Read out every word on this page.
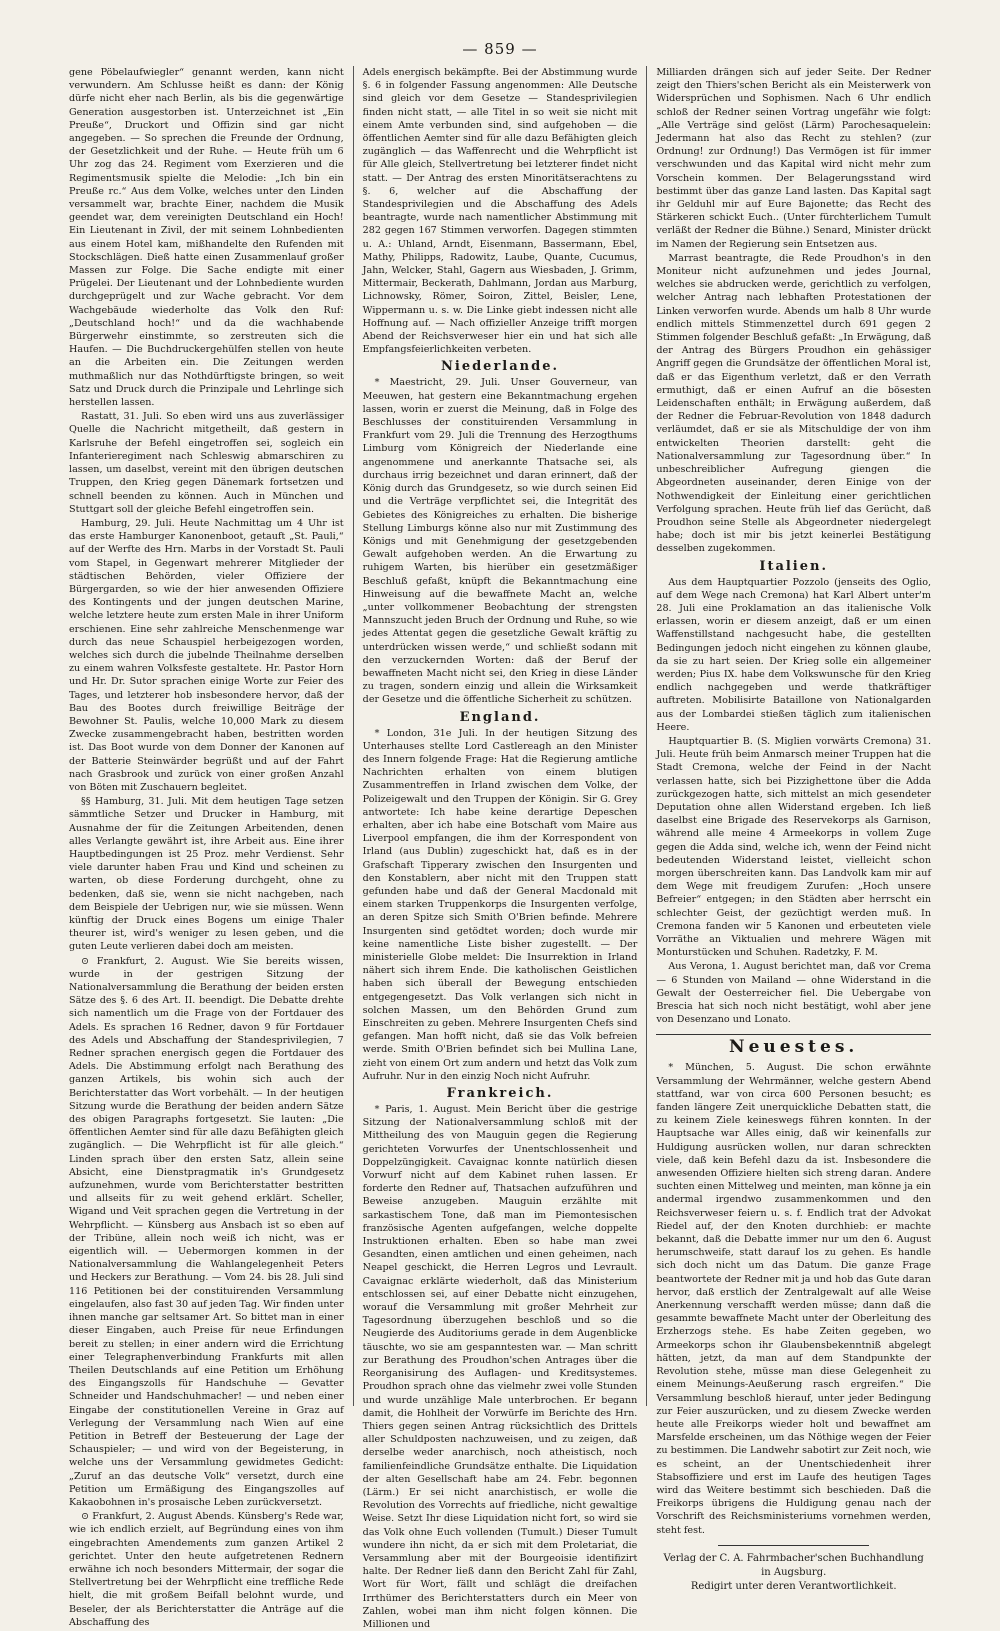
— 859 —

gene Pöbelaufwiegler“ genannt werden, kann nicht verwundern. Am Schlusse heißt es dann: der König dürfe nicht eher nach Berlin, als bis die gegenwärtige Generation ausgestorben ist. Unterzeichnet ist „Ein Preuße“, Druckort und Offizin sind gar nicht angegeben. — So sprechen die Freunde der Ordnung, der Gesetzlichkeit und der Ruhe. — Heute früh um 6 Uhr zog das 24. Regiment vom Exerzieren und die Regimentsmusik spielte die Melodie: „Ich bin ein Preuße rc.“ Aus dem Volke, welches unter den Linden versammelt war, brachte Einer, nachdem die Musik geendet war, dem vereinigten Deutschland ein Hoch! Ein Lieutenant in Zivil, der mit seinem Lohnbedienten aus einem Hotel kam, mißhandelte den Rufenden mit Stockschlägen. Dieß hatte einen Zusammenlauf großer Massen zur Folge. Die Sache endigte mit einer Prügelei. Der Lieutenant und der Lohnbediente wurden durchgeprügelt und zur Wache gebracht. Vor dem Wachgebäude wiederholte das Volk den Ruf: „Deutschland hoch!“ und da die wachhabende Bürgerwehr einstimmte, so zerstreuten sich die Haufen. — Die Buchdruckergehülfen stellen von heute an die Arbeiten ein. Die Zeitungen werden muthmaßlich nur das Nothdürftigste bringen, so weit Satz und Druck durch die Prinzipale und Lehrlinge sich herstellen lassen.

Rastatt, 31. Juli. So eben wird uns aus zuverlässiger Quelle die Nachricht mitgetheilt, daß gestern in Karlsruhe der Befehl eingetroffen sei, sogleich ein Infanterieregiment nach Schleswig abmarschiren zu lassen, um daselbst, vereint mit den übrigen deutschen Truppen, den Krieg gegen Dänemark fortsetzen und schnell beenden zu können. Auch in München und Stuttgart soll der gleiche Befehl eingetroffen sein.

Hamburg, 29. Juli. Heute Nachmittag um 4 Uhr ist das erste Hamburger Kanonenboot, getauft „St. Pauli,“ auf der Werfte des Hrn. Marbs in der Vorstadt St. Pauli vom Stapel, in Gegenwart mehrerer Mitglieder der städtischen Behörden, vieler Offiziere der Bürgergarden, so wie der hier anwesenden Offiziere des Kontingents und der jungen deutschen Marine, welche letztere heute zum ersten Male in ihrer Uniform erschienen. Eine sehr zahlreiche Menschenmenge war durch das neue Schauspiel herbeigezogen worden, welches sich durch die jubelnde Theilnahme derselben zu einem wahren Volksfeste gestaltete. Hr. Pastor Horn und Hr. Dr. Sutor sprachen einige Worte zur Feier des Tages, und letzterer hob insbesondere hervor, daß der Bau des Bootes durch freiwillige Beiträge der Bewohner St. Paulis, welche 10,000 Mark zu diesem Zwecke zusammengebracht haben, bestritten worden ist. Das Boot wurde von dem Donner der Kanonen auf der Batterie Steinwärder begrüßt und auf der Fahrt nach Grasbrook und zurück von einer großen Anzahl von Böten mit Zuschauern begleitet.

§§ Hamburg, 31. Juli. Mit dem heutigen Tage setzen sämmtliche Setzer und Drucker in Hamburg, mit Ausnahme der für die Zeitungen Arbeitenden, denen alles Verlangte gewährt ist, ihre Arbeit aus. Eine ihrer Hauptbedingungen ist 25 Proz. mehr Verdienst. Sehr viele darunter haben Frau und Kind und scheinen zu warten, ob diese Forderung durchgeht, ohne zu bedenken, daß sie, wenn sie nicht nachgeben, nach dem Beispiele der Uebrigen nur, wie sie müssen. Wenn künftig der Druck eines Bogens um einige Thaler theurer ist, wird's weniger zu lesen geben, und die guten Leute verlieren dabei doch am meisten.

⊙ Frankfurt, 2. August. Wie Sie bereits wissen, wurde in der gestrigen Sitzung der Nationalversammlung die Berathung der beiden ersten Sätze des §. 6 des Art. II. beendigt. Die Debatte drehte sich namentlich um die Frage von der Fortdauer des Adels. Es sprachen 16 Redner, davon 9 für Fortdauer des Adels und Abschaffung der Standesprivilegien, 7 Redner sprachen energisch gegen die Fortdauer des Adels. Die Abstimmung erfolgt nach Berathung des ganzen Artikels, bis wohin sich auch der Berichterstatter das Wort vorbehält. — In der heutigen Sitzung wurde die Berathung der beiden andern Sätze des obigen Paragraphs fortgesetzt. Sie lauten: „Die öffentlichen Aemter sind für alle dazu Befähigten gleich zugänglich. — Die Wehrpflicht ist für alle gleich.“ Linden sprach über den ersten Satz, allein seine Absicht, eine Dienstpragmatik in's Grundgesetz aufzunehmen, wurde vom Berichterstatter bestritten und allseits für zu weit gehend erklärt. Scheller, Wigand und Veit sprachen gegen die Vertretung in der Wehrpflicht. — Künsberg aus Ansbach ist so eben auf der Tribüne, allein noch weiß ich nicht, was er eigentlich will. — Uebermorgen kommen in der Nationalversammlung die Wahlangelegenheit Peters und Heckers zur Berathung. — Vom 24. bis 28. Juli sind 116 Petitionen bei der constituirenden Versammlung eingelaufen, also fast 30 auf jeden Tag. Wir finden unter ihnen manche gar seltsamer Art. So bittet man in einer dieser Eingaben, auch Preise für neue Erfindungen bereit zu stellen; in einer andern wird die Errichtung einer Telegraphenverbindung Frankfurts mit allen Theilen Deutschlands auf eine Petition um Erhöhung des Eingangszolls für Handschuhe — Gevatter Schneider und Handschuhmacher! — und neben einer Eingabe der constitutionellen Vereine in Graz auf Verlegung der Versammlung nach Wien auf eine Petition in Betreff der Besteuerung der Lage der Schauspieler; — und wird von der Begeisterung, in welche uns der Versammlung gewidmetes Gedicht: „Zuruf an das deutsche Volk“ versetzt, durch eine Petition um Ermäßigung des Eingangszolles auf Kakaobohnen in's prosaische Leben zurückversetzt.

⊙ Frankfurt, 2. August Abends. Künsberg's Rede war, wie ich endlich erzielt, auf Begründung eines von ihm eingebrachten Amendements zum ganzen Artikel 2 gerichtet. Unter den heute aufgetretenen Rednern erwähne ich noch besonders Mittermair, der sogar die Stellvertretung bei der Wehrpflicht eine treffliche Rede hielt, die mit großem Beifall belohnt wurde, und Beseler, der als Berichterstatter die Anträge auf die Abschaffung des

Adels energisch bekämpfte. Bei der Abstimmung wurde §. 6 in folgender Fassung angenommen: Alle Deutsche sind gleich vor dem Gesetze — Standesprivilegien finden nicht statt, — alle Titel in so weit sie nicht mit einem Amte verbunden sind, sind aufgehoben — die öffentlichen Aemter sind für alle dazu Befähigten gleich zugänglich — das Waffenrecht und die Wehrpflicht ist für Alle gleich, Stellvertretung bei letzterer findet nicht statt. — Der Antrag des ersten Minoritätserachtens zu §. 6, welcher auf die Abschaffung der Standesprivilegien und die Abschaffung des Adels beantragte, wurde nach namentlicher Abstimmung mit 282 gegen 167 Stimmen verworfen. Dagegen stimmten u. A.: Uhland, Arndt, Eisenmann, Bassermann, Ebel, Mathy, Philipps, Radowitz, Laube, Quante, Cucumus, Jahn, Welcker, Stahl, Gagern aus Wiesbaden, J. Grimm, Mittermair, Beckerath, Dahlmann, Jordan aus Marburg, Lichnowsky, Römer, Soiron, Zittel, Beisler, Lene, Wippermann u. s. w. Die Linke giebt indessen nicht alle Hoffnung auf. — Nach offizieller Anzeige trifft morgen Abend der Reichsverweser hier ein und hat sich alle Empfangsfeierlichkeiten verbeten.

Niederlande.

* Maestricht, 29. Juli. Unser Gouverneur, van Meeuwen, hat gestern eine Bekanntmachung ergehen lassen, worin er zuerst die Meinung, daß in Folge des Beschlusses der constituirenden Versammlung in Frankfurt vom 29. Juli die Trennung des Herzogthums Limburg vom Königreich der Niederlande eine angenommene und anerkannte Thatsache sei, als durchaus irrig bezeichnet und daran erinnert, daß der König durch das Grundgesetz, so wie durch seinen Eid und die Verträge verpflichtet sei, die Integrität des Gebietes des Königreiches zu erhalten. Die bisherige Stellung Limburgs könne also nur mit Zustimmung des Königs und mit Genehmigung der gesetzgebenden Gewalt aufgehoben werden. An die Erwartung zu ruhigem Warten, bis hierüber ein gesetzmäßiger Beschluß gefaßt, knüpft die Bekanntmachung eine Hinweisung auf die bewaffnete Macht an, welche „unter vollkommener Beobachtung der strengsten Mannszucht jeden Bruch der Ordnung und Ruhe, so wie jedes Attentat gegen die gesetzliche Gewalt kräftig zu unterdrücken wissen werde,“ und schließt sodann mit den verzuckernden Worten: daß der Beruf der bewaffneten Macht nicht sei, den Krieg in diese Länder zu tragen, sondern einzig und allein die Wirksamkeit der Gesetze und die öffentliche Sicherheit zu schützen.

England.

* London, 31e Juli. In der heutigen Sitzung des Unterhauses stellte Lord Castlereagh an den Minister des Innern folgende Frage: Hat die Regierung amtliche Nachrichten erhalten von einem blutigen Zusammentreffen in Irland zwischen dem Volke, der Polizeigewalt und den Truppen der Königin. Sir G. Grey antwortete: Ich habe keine derartige Depeschen erhalten, aber ich habe eine Botschaft vom Maire aus Liverpool empfangen, die ihm der Korrespondent von Irland (aus Dublin) zugeschickt hat, daß es in der Grafschaft Tipperary zwischen den Insurgenten und den Konstablern, aber nicht mit den Truppen statt gefunden habe und daß der General Macdonald mit einem starken Truppenkorps die Insurgenten verfolge, an deren Spitze sich Smith O'Brien befinde. Mehrere Insurgenten sind getödtet worden; doch wurde mir keine namentliche Liste bisher zugestellt. — Der ministerielle Globe meldet: Die Insurrektion in Irland nähert sich ihrem Ende. Die katholischen Geistlichen haben sich überall der Bewegung entschieden entgegengesetzt. Das Volk verlangen sich nicht in solchen Massen, um den Behörden Grund zum Einschreiten zu geben. Mehrere Insurgenten Chefs sind gefangen. Man hofft nicht, daß sie das Volk befreien werde. Smith O'Brien befindet sich bei Mullina Lane, zieht von einem Ort zum andern und hetzt das Volk zum Aufruhr. Nur in den einzig Noch nicht Aufruhr.

Frankreich.

* Paris, 1. August. Mein Bericht über die gestrige Sitzung der Nationalversammlung schloß mit der Mittheilung des von Mauguin gegen die Regierung gerichteten Vorwurfes der Unentschlossenheit und Doppelzüngigkeit. Cavaignac konnte natürlich diesen Vorwurf nicht auf dem Kabinet ruhen lassen. Er forderte den Redner auf, Thatsachen aufzuführen und Beweise anzugeben. Mauguin erzählte mit sarkastischem Tone, daß man im Piemontesischen französische Agenten aufgefangen, welche doppelte Instruktionen erhalten. Eben so habe man zwei Gesandten, einen amtlichen und einen geheimen, nach Neapel geschickt, die Herren Legros und Levrault. Cavaignac erklärte wiederholt, daß das Ministerium entschlossen sei, auf einer Debatte nicht einzugehen, worauf die Versammlung mit großer Mehrheit zur Tagesordnung überzugehen beschloß und so die Neugierde des Auditoriums gerade in dem Augenblicke täuschte, wo sie am gespanntesten war. — Man schritt zur Berathung des Proudhon'schen Antrages über die Reorganisirung des Auflagen- und Kreditsystemes. Proudhon sprach ohne das vielmehr zwei volle Stunden und wurde unzählige Male unterbrochen. Er begann damit, die Hohlheit der Vorwürfe im Berichte des Hrn. Thiers gegen seinen Antrag rücksichtlich des Drittels aller Schuldposten nachzuweisen, und zu zeigen, daß derselbe weder anarchisch, noch atheistisch, noch familienfeindliche Grundsätze enthalte. Die Liquidation der alten Gesellschaft habe am 24. Febr. begonnen (Lärm.) Er sei nicht anarchistisch, er wolle die Revolution des Vorrechts auf friedliche, nicht gewaltige Weise. Setzt Ihr diese Liquidation nicht fort, so wird sie das Volk ohne Euch vollenden (Tumult.) Dieser Tumult wundere ihn nicht, da er sich mit dem Proletariat, die Versammlung aber mit der Bourgeoisie identifizirt halte. Der Redner ließ dann den Bericht Zahl für Zahl, Wort für Wort, fällt und schlägt die dreifachen Irrthümer des Berichterstatters durch ein Meer von Zahlen, wobei man ihm nicht folgen können. Die Millionen und

Milliarden drängen sich auf jeder Seite. Der Redner zeigt den Thiers'schen Bericht als ein Meisterwerk von Widersprüchen und Sophismen. Nach 6 Uhr endlich schloß der Redner seinen Vortrag ungefähr wie folgt: „Alle Verträge sind gelöst (Lärm) Parochesaquelein: Jedermann hat also das Recht zu stehlen? (zur Ordnung! zur Ordnung!) Das Vermögen ist für immer verschwunden und das Kapital wird nicht mehr zum Vorschein kommen. Der Belagerungsstand wird bestimmt über das ganze Land lasten. Das Kapital sagt ihr Gelduhl mir auf Eure Bajonette; das Recht des Stärkeren schickt Euch.. (Unter fürchterlichem Tumult verläßt der Redner die Bühne.) Senard, Minister drückt im Namen der Regierung sein Entsetzen aus.

Marrast beantragte, die Rede Proudhon's in den Moniteur nicht aufzunehmen und jedes Journal, welches sie abdrucken werde, gerichtlich zu verfolgen, welcher Antrag nach lebhaften Protestationen der Linken verworfen wurde. Abends um halb 8 Uhr wurde endlich mittels Stimmenzettel durch 691 gegen 2 Stimmen folgender Beschluß gefaßt: „In Erwägung, daß der Antrag des Bürgers Proudhon ein gehässiger Angriff gegen die Grundsätze der öffentlichen Moral ist, daß er das Eigenthum verletzt, daß er den Verrath ermuthigt, daß er einen Aufruf an die bösesten Leidenschaften enthält; in Erwägung außerdem, daß der Redner die Februar-Revolution von 1848 dadurch verläumdet, daß er sie als Mitschuldige der von ihm entwickelten Theorien darstellt: geht die Nationalversammlung zur Tagesordnung über.“ In unbeschreiblicher Aufregung giengen die Abgeordneten auseinander, deren Einige von der Nothwendigkeit der Einleitung einer gerichtlichen Verfolgung sprachen. Heute früh lief das Gerücht, daß Proudhon seine Stelle als Abgeordneter niedergelegt habe; doch ist mir bis jetzt keinerlei Bestätigung desselben zugekommen.

Italien.

Aus dem Hauptquartier Pozzolo (jenseits des Oglio, auf dem Wege nach Cremona) hat Karl Albert unter'm 28. Juli eine Proklamation an das italienische Volk erlassen, worin er diesem anzeigt, daß er um einen Waffenstillstand nachgesucht habe, die gestellten Bedingungen jedoch nicht eingehen zu können glaube, da sie zu hart seien. Der Krieg solle ein allgemeiner werden; Pius IX. habe dem Volkswunsche für den Krieg endlich nachgegeben und werde thatkräftiger auftreten. Mobilisirte Bataillone von Nationalgarden aus der Lombardei stießen täglich zum italienischen Heere.

Hauptquartier B. (S. Miglien vorwärts Cremona) 31. Juli. Heute früh beim Anmarsch meiner Truppen hat die Stadt Cremona, welche der Feind in der Nacht verlassen hatte, sich bei Pizzighettone über die Adda zurückgezogen hatte, sich mittelst an mich gesendeter Deputation ohne allen Widerstand ergeben. Ich ließ daselbst eine Brigade des Reservekorps als Garnison, während alle meine 4 Armeekorps in vollem Zuge gegen die Adda sind, welche ich, wenn der Feind nicht bedeutenden Widerstand leistet, vielleicht schon morgen überschreiten kann. Das Landvolk kam mir auf dem Wege mit freudigem Zurufen: „Hoch unsere Befreier“ entgegen; in den Städten aber herrscht ein schlechter Geist, der gezüchtigt werden muß. In Cremona fanden wir 5 Kanonen und erbeuteten viele Vorräthe an Viktualien und mehrere Wägen mit Monturstücken und Schuhen. Radetzky, F. M.

Aus Verona, 1. August berichtet man, daß vor Crema — 6 Stunden von Mailand — ohne Widerstand in die Gewalt der Oesterreicher fiel. Die Uebergabe von Brescia hat sich noch nicht bestätigt, wohl aber jene von Desenzano und Lonato.

Neuestes.

* München, 5. August. Die schon erwähnte Versammlung der Wehrmänner, welche gestern Abend stattfand, war von circa 600 Personen besucht; es fanden längere Zeit unerquickliche Debatten statt, die zu keinem Ziele keineswegs führen konnten. In der Hauptsache war Alles einig, daß wir keinenfalls zur Huldigung ausrücken wollen, nur daran schreckten viele, daß kein Befehl dazu da ist. Insbesondere die anwesenden Offiziere hielten sich streng daran. Andere suchten einen Mittelweg und meinten, man könne ja ein andermal irgendwo zusammenkommen und den Reichsverweser feiern u. s. f. Endlich trat der Advokat Riedel auf, der den Knoten durchhieb: er machte bekannt, daß die Debatte immer nur um den 6. August herumschweife, statt darauf los zu gehen. Es handle sich doch nicht um das Datum. Die ganze Frage beantwortete der Redner mit ja und hob das Gute daran hervor, daß erstlich der Zentralgewalt auf alle Weise Anerkennung verschafft werden müsse; dann daß die gesammte bewaffnete Macht unter der Oberleitung des Erzherzogs stehe. Es habe Zeiten gegeben, wo Armeekorps schon ihr Glaubensbekenntniß abgelegt hätten, jetzt, da man auf dem Standpunkte der Revolution stehe, müsse man diese Gelegenheit zu einem Meinungs-Aeußerung rasch ergreifen.“ Die Versammlung beschloß hierauf, unter jeder Bedingung zur Feier auszurücken, und zu diesem Zwecke werden heute alle Freikorps wieder holt und bewaffnet am Marsfelde erscheinen, um das Nöthige wegen der Feier zu bestimmen. Die Landwehr sabotirt zur Zeit noch, wie es scheint, an der Unentschiedenheit ihrer Stabsoffiziere und erst im Laufe des heutigen Tages wird das Weitere bestimmt sich beschieden. Daß die Freikorps übrigens die Huldigung genau nach der Vorschrift des Reichsministeriums vornehmen werden, steht fest.

Verlag der C. A. Fahrmbacher'schen Buchhandlung
in Augsburg.
Redigirt unter deren Verantwortlichkeit.
